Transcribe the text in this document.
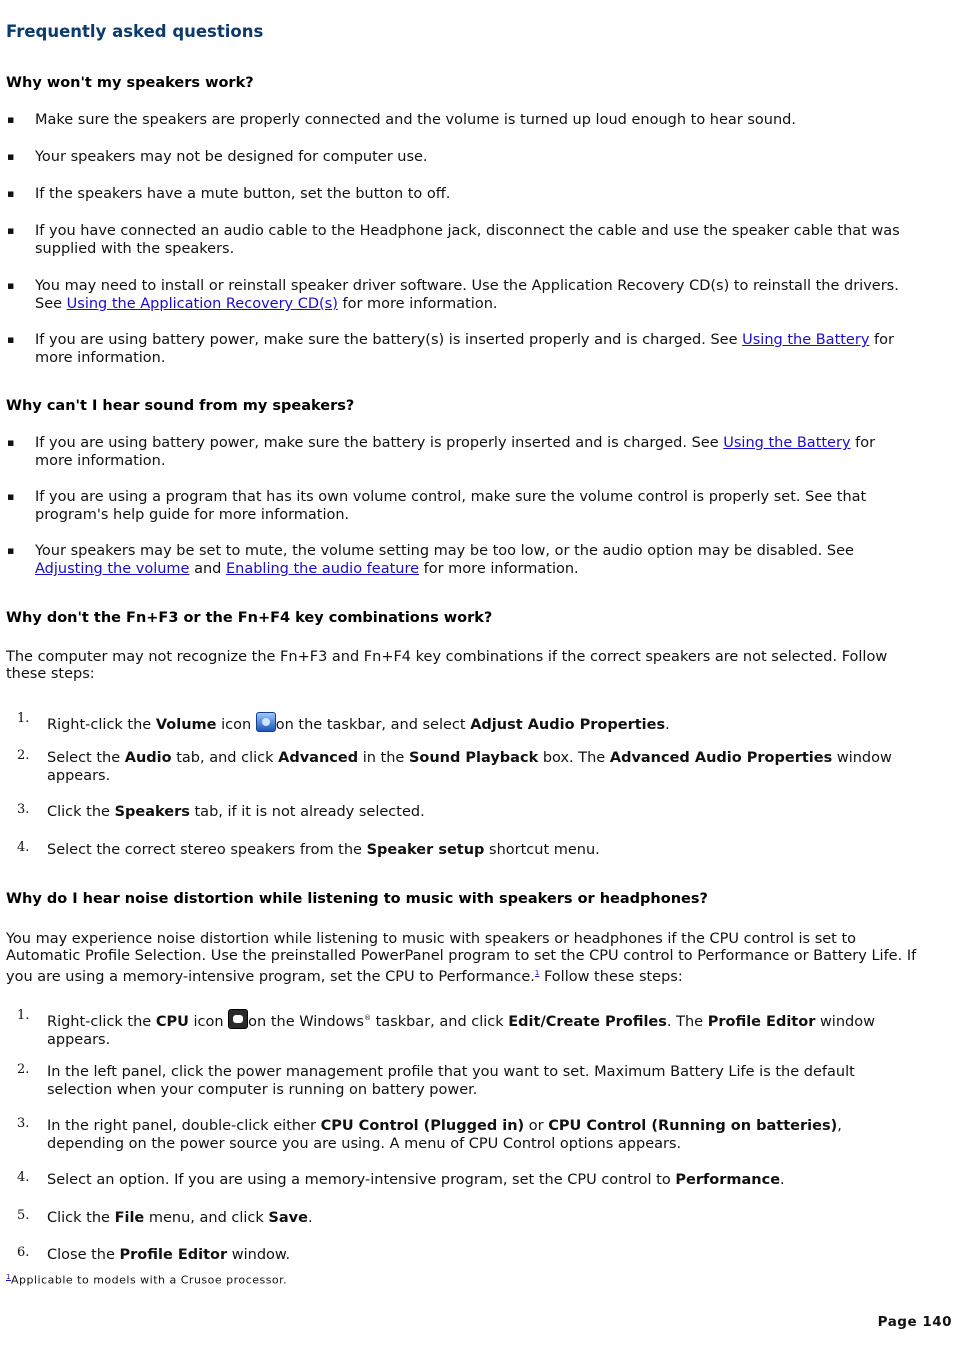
Frequently asked questions
Why won't my speakers work?
▪ Make sure the speakers are properly connected and the volume is turned up loud enough to hear sound.
▪ Your speakers may not be designed for computer use.
▪ If the speakers have a mute button, set the button to off.
▪ If you have connected an audio cable to the Headphone jack, disconnect the cable and use the speaker cable that was supplied with the speakers.
▪ You may need to install or reinstall speaker driver software. Use the Application Recovery CD(s) to reinstall the drivers. See Using the Application Recovery CD(s) for more information.
▪ If you are using battery power, make sure the battery(s) is inserted properly and is charged. See Using the Battery for more information.
Why can't I hear sound from my speakers?
▪ If you are using battery power, make sure the battery is properly inserted and is charged. See Using the Battery for more information.
▪ If you are using a program that has its own volume control, make sure the volume control is properly set. See that program's help guide for more information.
▪ Your speakers may be set to mute, the volume setting may be too low, or the audio option may be disabled. See Adjusting the volume and Enabling the audio feature for more information.
Why don't the Fn+F3 or the Fn+F4 key combinations work?

The computer may not recognize the Fn+F3 and Fn+F4 key combinations if the correct speakers are not selected. Follow these steps:

1. Right-click the Volume icon on the taskbar, and select Adjust Audio Properties.
2. Select the Audio tab, and click Advanced in the Sound Playback box. The Advanced Audio Properties window appears.
3. Click the Speakers tab, if it is not already selected.
4. Select the correct stereo speakers from the Speaker setup shortcut menu.
Why do I hear noise distortion while listening to music with speakers or headphones?

You may experience noise distortion while listening to music with speakers or headphones if the CPU control is set to Automatic Profile Selection. Use the preinstalled PowerPanel program to set the CPU control to Performance or Battery Life. If you are using a memory-intensive program, set the CPU to Performance.$^1$ Follow these steps:

1. Right-click the CPU icon on the Windows® taskbar, and click Edit/Create Profiles. The Profile Editor window appears.
2. In the left panel, click the power management profile that you want to set. Maximum Battery Life is the default selection when your computer is running on battery power.
3. In the right panel, double-click either CPU Control (Plugged in) or CPU Control (Running on batteries), depending on the power source you are using. A menu of CPU Control options appears.
4. Select an option. If you are using a memory-intensive program, set the CPU control to Performance.
5. Click the File menu, and click Save.
6. Close the Profile Editor window.
$^1$Applicable to models with a Crusoe processor.
Page 140
